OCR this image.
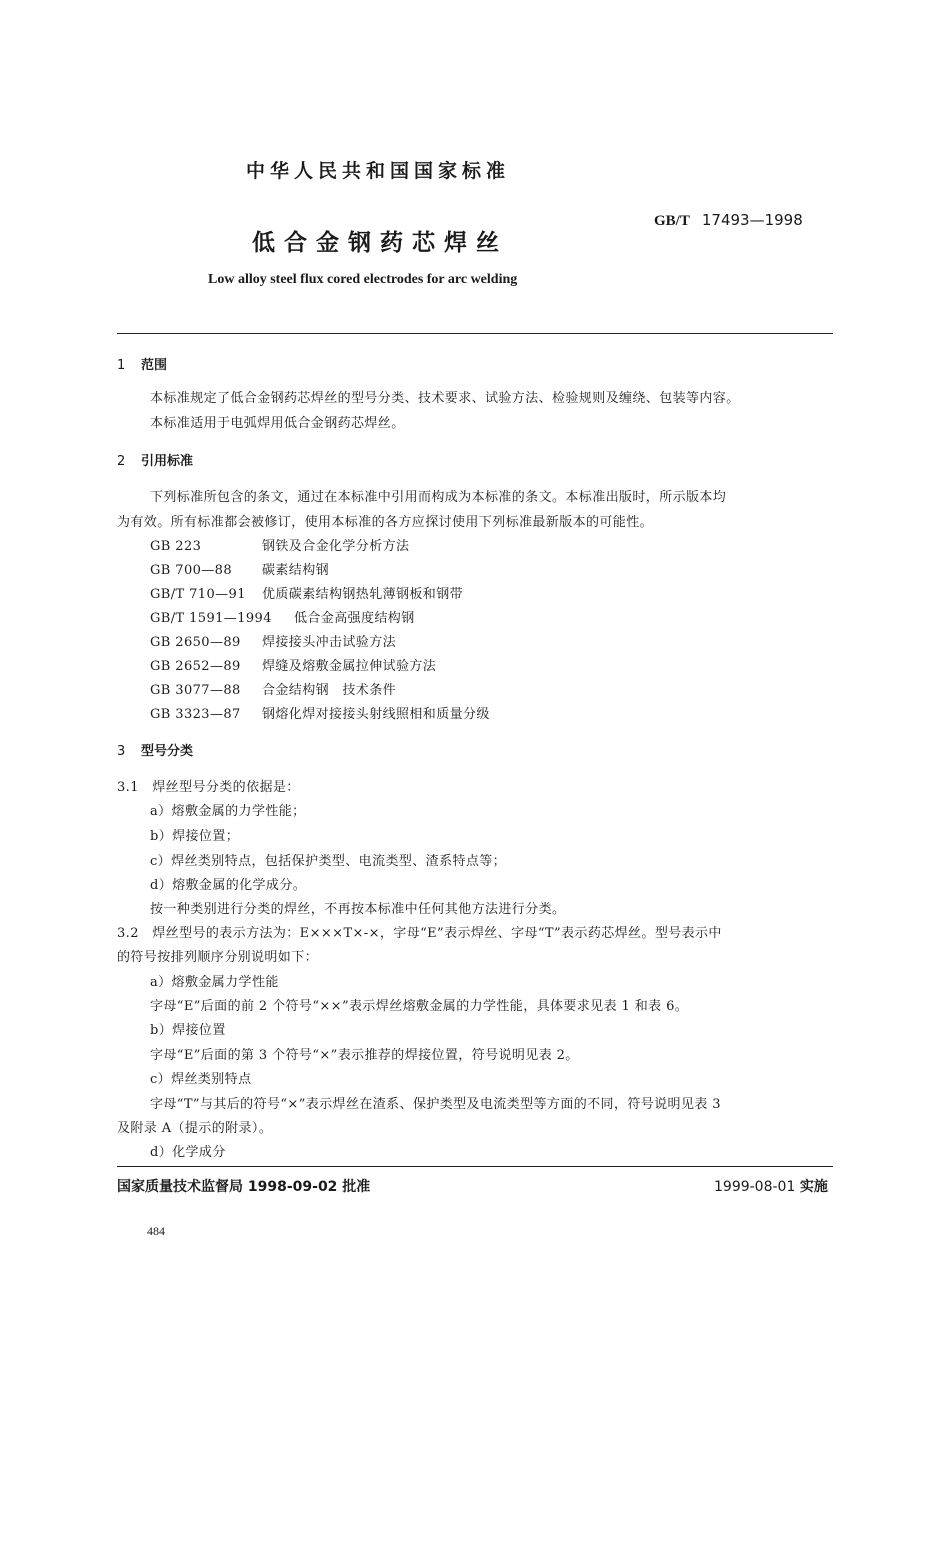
中华人民共和国国家标准
低合金钢药芯焊丝
GB/T 17493—1998
Low alloy steel flux cored electrodes for arc welding
1 范围
本标准规定了低合金钢药芯焊丝的型号分类、技术要求、试验方法、检验规则及缠绕、包装等内容。
本标准适用于电弧焊用低合金钢药芯焊丝。
2 引用标准
下列标准所包含的条文，通过在本标准中引用而构成为本标准的条文。本标准出版时，所示版本均
为有效。所有标准都会被修订，使用本标准的各方应探讨使用下列标准最新版本的可能性。
GB 223	钢铁及合金化学分析方法
GB 700—88 碳素结构钢
GB/T 710—91 优质碳素结构钢热轧薄钢板和钢带
GB/T 1591—1994 低合金高强度结构钢
GB 2650—89 焊接接头冲击试验方法
GB 2652—89 焊缝及熔敷金属拉伸试验方法
GB 3077—88 合金结构钢　技术条件
GB 3323—87 钢熔化焊对接接头射线照相和质量分级
3 型号分类
3.1　焊丝型号分类的依据是：
a）熔敷金属的力学性能；
b）焊接位置；
c）焊丝类别特点，包括保护类型、电流类型、渣系特点等；
d）熔敷金属的化学成分。
按一种类别进行分类的焊丝，不再按本标准中任何其他方法进行分类。
3.2　焊丝型号的表示方法为：E×××T×-×，字母“E”表示焊丝、字母“T”表示药芯焊丝。型号表示中
的符号按排列顺序分别说明如下：
a）熔敷金属力学性能
字母“E”后面的前 2 个符号“××”表示焊丝熔敷金属的力学性能，具体要求见表 1 和表 6。
b）焊接位置
字母“E”后面的第 3 个符号“×”表示推荐的焊接位置，符号说明见表 2。
c）焊丝类别特点
字母“T”与其后的符号“×”表示焊丝在渣系、保护类型及电流类型等方面的不同，符号说明见表 3
及附录 A（提示的附录）。
d）化学成分
国家质量技术监督局 1998-09-02 批准	1999-08-01 实施
484
